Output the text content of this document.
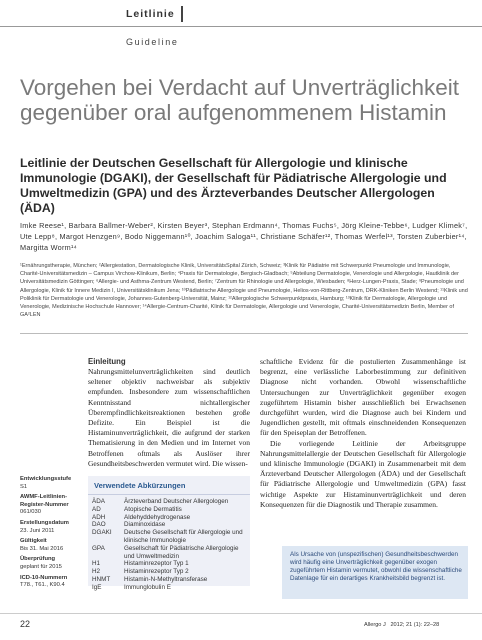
Leitlinie
Guideline
Vorgehen bei Verdacht auf Unverträglichkeit gegenüber oral aufgenommenem Histamin
Leitlinie der Deutschen Gesellschaft für Allergologie und klinische Immunologie (DGAKI), der Gesellschaft für Pädiatrische Allergologie und Umweltmedizin (GPA) und des Ärzteverbandes Deutscher Allergologen (ÄDA)
Imke Reese¹, Barbara Ballmer-Weber², Kirsten Beyer³, Stephan Erdmann⁴, Thomas Fuchs⁵, Jörg Kleine-Tebbe⁶, Ludger Klimek⁷, Ute Lepp⁸, Margot Henzgen⁹, Bodo Niggemann¹⁰, Joachim Saloga¹¹, Christiane Schäfer¹², Thomas Werfel¹³, Torsten Zuberbier¹⁴, Margitta Worm¹⁴
¹Ernährungstherapie, München; ²Allergiestation, Dermatologische Klinik, UniversitätsSpital Zürich, Schweiz; ³Klinik für Pädiatrie mit Schwerpunkt Pneumologie und Immunologie, Charité-Universitätsmedizin – Campus Virchow-Klinikum, Berlin; ⁴Praxis für Dermatologie, Bergisch-Gladbach; ⁵Abteilung Dermatologie, Venerologie und Allergologie, Hautklinik der Universitätsmedizin Göttingen; ⁶Allergie- und Asthma-Zentrum Westend, Berlin; ⁷Zentrum für Rhinologie und Allergologie, Wiesbaden; ⁸Herz-Lungen-Praxis, Stade; ⁹Pneumologie und Allergologie, Klinik für Innere Medizin I, Universitätsklinikum Jena; ¹⁰Pädiatrische Allergologie und Pneumologie, Helios-von-Rittberg-Zentrum, DRK-Kliniken Berlin Westend; ¹¹Klinik und Poliklinik für Dermatologie und Venerologie, Johannes-Gutenberg-Universität, Mainz; ¹²Allergologische Schwerpunktpraxis, Hamburg; ¹³Klinik für Dermatologie, Allergologie und Venerologie, Medizinische Hochschule Hannover; ¹⁴Allergie-Centrum-Charité, Klinik für Dermatologie, Allergologie und Venerologie, Charité-Universitätsmedizin Berlin, Member of GA²LEN
Einleitung
Nahrungsmittelunverträglichkeiten sind deutlich seltener objektiv nachweisbar als subjektiv empfunden. Insbesondere zum wissenschaftlichen Kenntnisstand nichtallergischer Überempfindlichkeitsreaktionen bestehen große Defizite. Ein Beispiel ist die Histaminunverträglichkeit, die aufgrund der starken Thematisierung in den Medien und im Internet von Betroffenen oftmals als Auslöser ihrer Gesundheitsbeschwerden vermutet wird. Die wissen-
schaftliche Evidenz für die postulierten Zusammenhänge ist begrenzt, eine verlässliche Laborbestimmung zur definitiven Diagnose nicht vorhanden. Obwohl wissenschaftliche Untersuchungen zur Unverträglichkeit gegenüber exogen zugeführtem Histamin bisher ausschließlich bei Erwachsenen durchgeführt wurden, wird die Diagnose auch bei Kindern und Jugendlichen gestellt, mit oftmals einschneidenden Konsequenzen für den Speiseplan der Betroffenen.
Die vorliegende Leitlinie der Arbeitsgruppe Nahrungsmittelallergie der Deutschen Gesellschaft für Allergologie und klinische Immunologie (DGAKI) in Zusammenarbeit mit dem Ärzteverband Deutscher Allergologen (ÄDA) und der Gesellschaft für Pädiatrische Allergologie und Umweltmedizin (GPA) fasst wichtige Aspekte zur Histaminunverträglichkeit und deren Konsequenzen für die Diagnostik und Therapie zusammen.
Entwicklungsstufe
S1
AWMF-Leitlinien-Register-Nummer
061/030
Erstellungsdatum
23. Juni 2011
Gültigkeit
Bis 31. Mai 2016
Überprüfung
geplant für 2015
ICD-10-Nummern
T78., T61., K90.4
Verwendete Abkürzungen
ÄDA	Ärzteverband Deutscher Allergologen
AD	Atopische Dermatitis
ADH	Aldehyddehydrogenase
DAO	Diaminoxidase
DGAKI	Deutsche Gesellschaft für Allergologie und klinische Immunologie
GPA	Gesellschaft für Pädiatrische Allergologie und Umweltmedizin
H1	Histaminrezeptor Typ 1
H2	Histaminrezeptor Typ 2
HNMT	Histamin-N-Methyltransferase
IgE	Immunglobulin E
Als Ursache von (unspezifischen) Gesundheitsbeschwerden wird häufig eine Unverträglichkeit gegenüber exogen zugeführtem Histamin vermutet, obwohl die wissenschaftliche Datenlage für ein derartiges Krankheitsbild begrenzt ist.
22	Allergo J 2012; 21 (1): 22–28
